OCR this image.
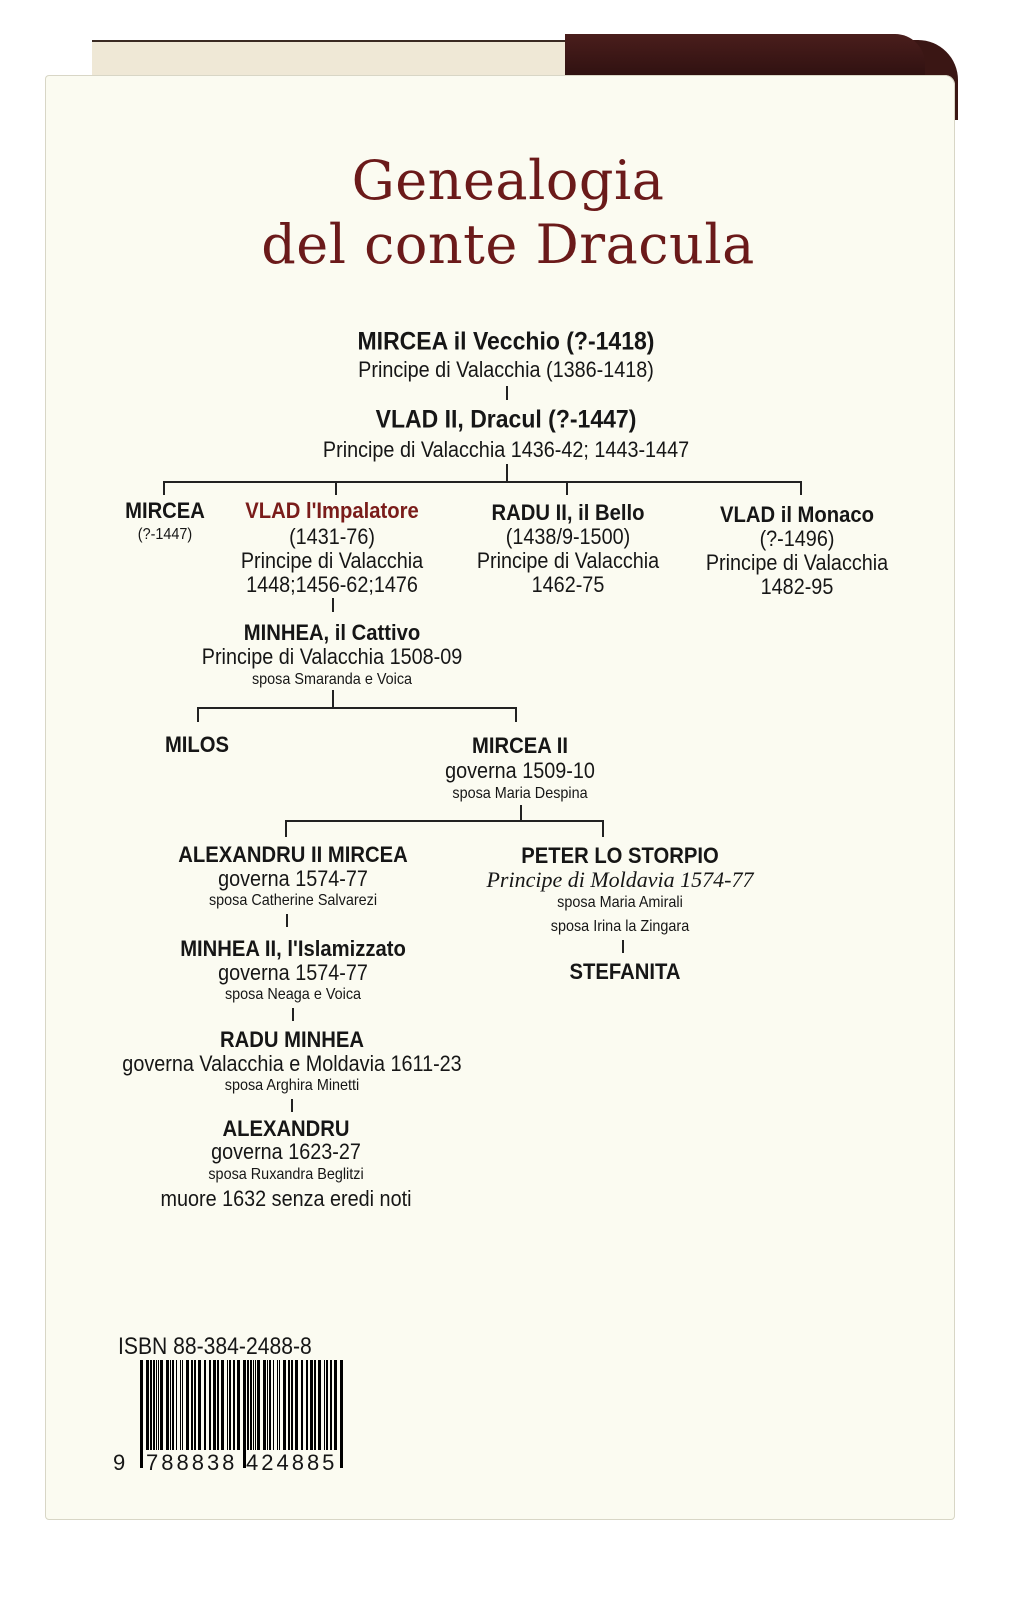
Genealogia
del conte Dracula
MIRCEA il Vecchio (?-1418)
Principe di Valacchia (1386-1418)
VLAD II, Dracul (?-1447)
Principe di Valacchia 1436-42; 1443-1447
MIRCEA
(?-1447)
VLAD l'Impalatore
(1431-76)
Principe di Valacchia
1448;1456-62;1476
RADU II, il Bello
(1438/9-1500)
Principe di Valacchia
1462-75
VLAD il Monaco
(?-1496)
Principe di Valacchia
1482-95
MINHEA, il Cattivo
Principe di Valacchia 1508-09
sposa Smaranda e Voica
MILOS	MIRCEA II
governa 1509-10
sposa Maria Despina
ALEXANDRU II MIRCEA
governa 1574-77
sposa Catherine Salvarezi
PETER LO STORPIO
Principe di Moldavia 1574-77
sposa Maria Amirali
sposa Irina la Zingara
STEFANITA
MINHEA II, l'Islamizzato
governa 1574-77
sposa Neaga e Voica
RADU MINHEA
governa Valacchia e Moldavia 1611-23
sposa Arghira Minetti
ALEXANDRU
governa 1623-27
sposa Ruxandra Beglitzi
muore 1632 senza eredi noti
ISBN 88-384-2488-8
9 788838 424885
